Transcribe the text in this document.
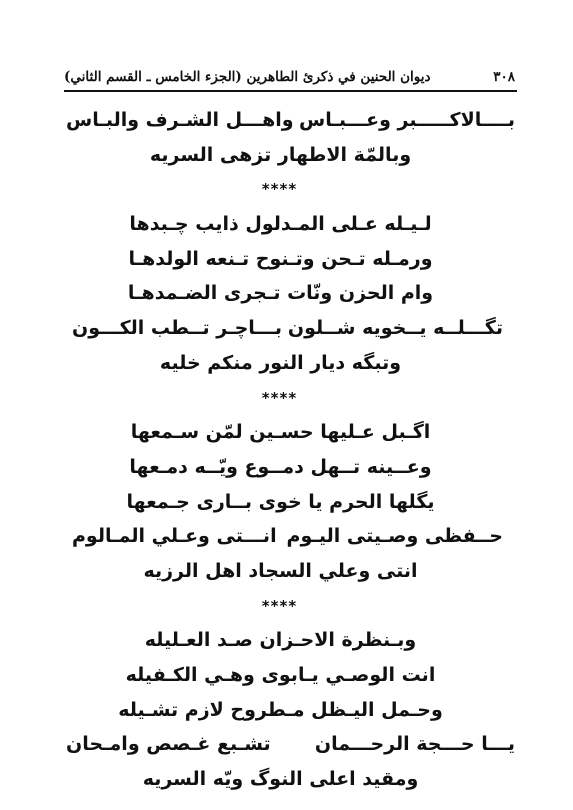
٣٠٨
ديوان الحنين في ذكرئ الطاهرين (الجزء الخامس ـ القسم الثاني)
بــــالاكـــــبر وعـــبـاس
واهـــل الشـرف والبـاس
وبالمّة الاطهار تزهى السريه
****
لـيـله عـلى المـدلول ذايب چـبدها
ورمـله تـحن وتـنوح تـنعه الولدهـا
وام الحزن ونّات تـجرى الضـمدهـا
تگـــلــه يــخويه شــلون
بـــاچـر تــطب الكـــون
وتبگه ديار النور منكم خليه
****
اگـبل عـليها حسـين لمّن سـمعها
وعــينه تــهل دمــوع ويّــه دمـعها
يگلها الحرم يا خوى بــارى جـمعها
حــفظى وصـيتى اليـوم
انـــتى وعـلي المـالوم
انتى وعلي السجاد اهل الرزيه
****
وبـنظرة الاحـزان صـد العـليله
انت الوصـي يـابوى وهـي الكـفيله
وحـمل اليـظل مـطروح لازم تشـيله
يـــا حـــجة الرحـــمان
تشـبع غـصص وامـحان
ومقيد اعلى النوگ ويّه السريه
